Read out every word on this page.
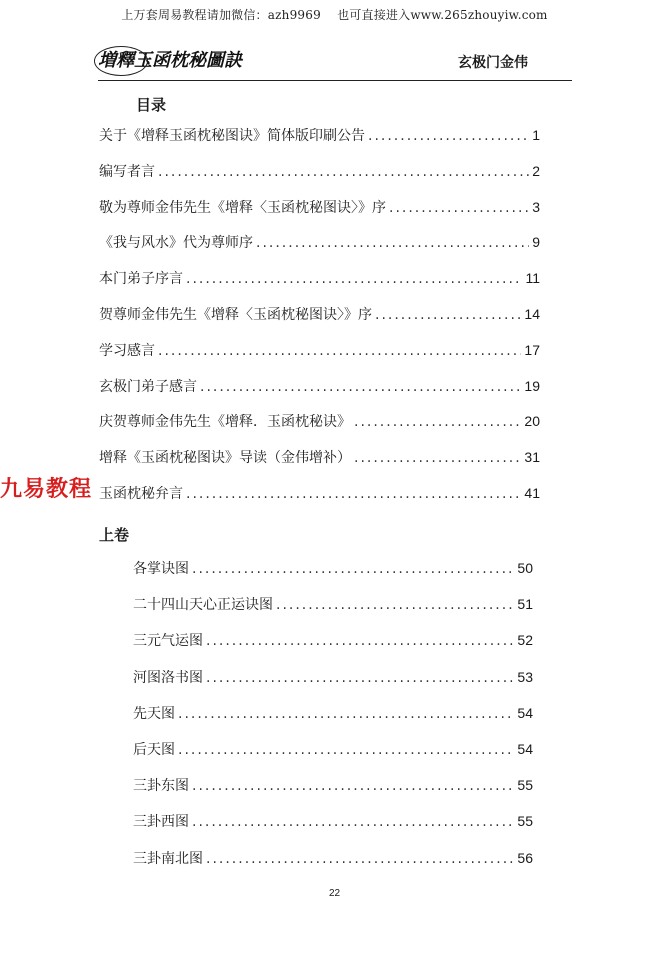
上万套周易教程请加微信：azh9969　 也可直接进入www.265zhouyiw.com
増釋玉函枕秘圖訣	玄极门金伟
目录
关于《增释玉函枕秘图诀》简体版印刷公告 .....	1
编写者言 .....	2
敬为尊师金伟先生《增释〈玉函枕秘图诀〉》序 .....	3
《我与风水》代为尊师序 .....	9
本门弟子序言 .....	11
贺尊师金伟先生《增释〈玉函枕秘图诀〉》序 .....	14
学习感言 .....	17
玄极门弟子感言 .....	19
庆贺尊师金伟先生《增释．玉函枕秘诀》 .....	20
增释《玉函枕秘图诀》导读（金伟增补） .....	31
玉函枕秘弁言 .....	41
上卷
各掌诀图 .....	50
二十四山天心正运诀图 .....	51
三元气运图 .....	52
河图洛书图 .....	53
先天图 .....	54
后天图 .....	54
三卦东图 .....	55
三卦西图 .....	55
三卦南北图 .....	56
九易教程
22
